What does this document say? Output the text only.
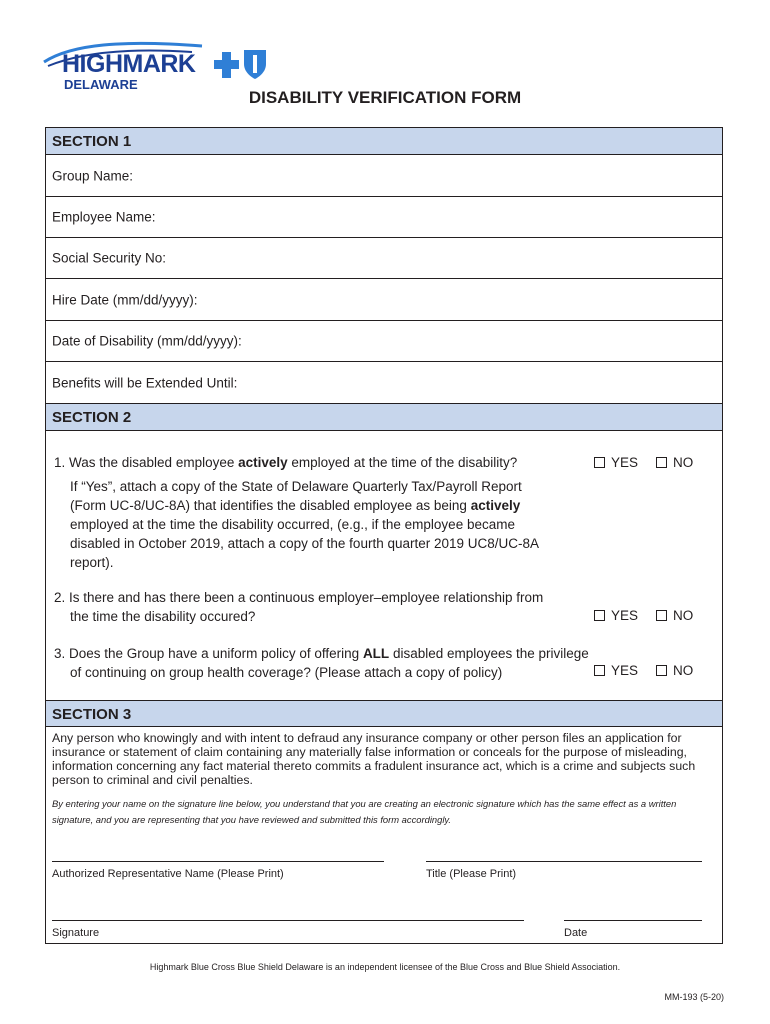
HIGHMARK
DELAWARE
DISABILITY VERIFICATION FORM
SECTION 1
Group Name:
Employee Name:
Social Security No:
Hire Date (mm/dd/yyyy):
Date of Disability (mm/dd/yyyy):
Benefits will be Extended Until:
SECTION 2
1. Was the disabled employee actively employed at the time of the disability?
If “Yes”, attach a copy of the State of Delaware Quarterly Tax/Payroll Report (Form UC-8/UC-8A) that identifies the disabled employee as being actively employed at the time the disability occurred, (e.g., if the employee became disabled in October 2019, attach a copy of the fourth quarter 2019 UC8/UC-8A report).
YES	NO
2. Is there and has there been a continuous employer–employee relationship from
the time the disability occured?	YES	NO
3. Does the Group have a uniform policy of offering ALL disabled employees the privilege
of continuing on group health coverage? (Please attach a copy of policy)	YES	NO
SECTION 3
Any person who knowingly and with intent to defraud any insurance company or other person files an application for insurance or statement of claim containing any materially false information or conceals for the purpose of misleading, information concerning any fact material thereto commits a fradulent insurance act, which is a crime and subjects such person to criminal and civil penalties.
By entering your name on the signature line below, you understand that you are creating an electronic signature which has the same effect as a written signature, and you are representing that you have reviewed and submitted this form accordingly.
Authorized Representative Name (Please Print)	Title (Please Print)
Signature	Date
Highmark Blue Cross Blue Shield Delaware is an independent licensee of the Blue Cross and Blue Shield Association.
MM-193 (5-20)
